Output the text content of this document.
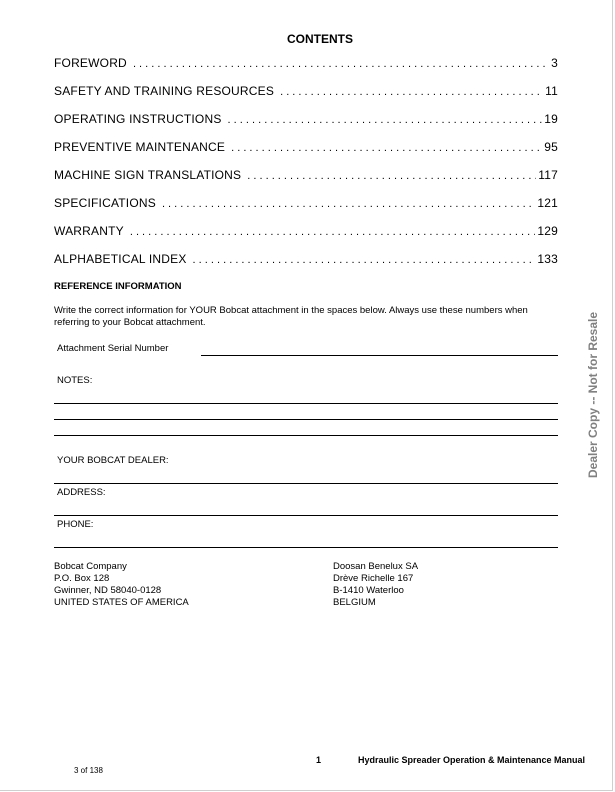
CONTENTS
FOREWORD . . .	3
SAFETY AND TRAINING RESOURCES . . .	11
OPERATING INSTRUCTIONS . . .	19
PREVENTIVE MAINTENANCE . . .	95
MACHINE SIGN TRANSLATIONS . . .	117
SPECIFICATIONS . . .	121
WARRANTY . . .	129
ALPHABETICAL INDEX . . .	133
REFERENCE INFORMATION
Write the correct information for YOUR Bobcat attachment in the spaces below. Always use these numbers when referring to your Bobcat attachment.
Attachment Serial Number
NOTES:
YOUR BOBCAT DEALER:
ADDRESS:
PHONE:
Bobcat Company
P.O. Box 128
Gwinner, ND 58040-0128
UNITED STATES OF AMERICA
Doosan Benelux SA
Drève Richelle 167
B-1410 Waterloo
BELGIUM
Dealer Copy -- Not for Resale
1	Hydraulic Spreader Operation & Maintenance Manual
3 of 138
